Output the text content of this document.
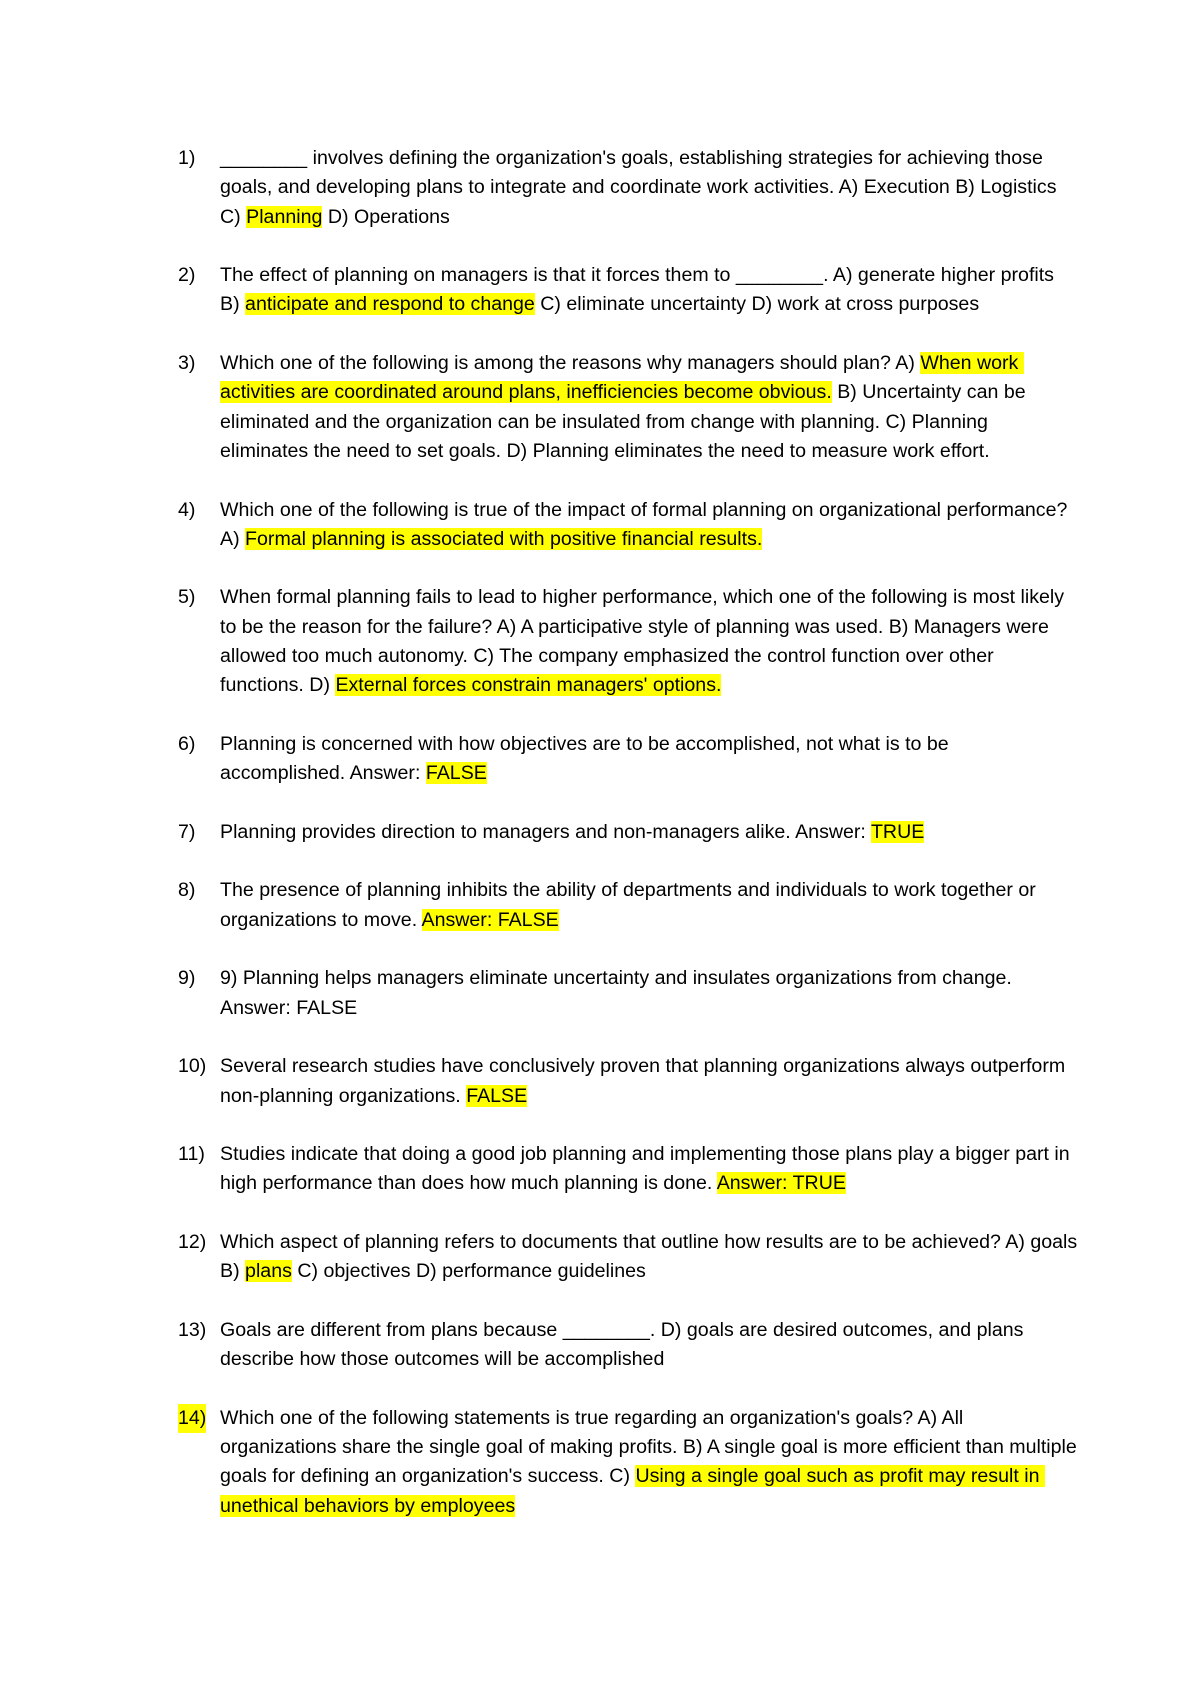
1) ________ involves defining the organization's goals, establishing strategies for achieving those goals, and developing plans to integrate and coordinate work activities. A) Execution B) Logistics C) Planning D) Operations
2) The effect of planning on managers is that it forces them to ________. A) generate higher profits B) anticipate and respond to change C) eliminate uncertainty D) work at cross purposes
3) Which one of the following is among the reasons why managers should plan? A) When work activities are coordinated around plans, inefficiencies become obvious. B) Uncertainty can be eliminated and the organization can be insulated from change with planning. C) Planning eliminates the need to set goals. D) Planning eliminates the need to measure work effort.
4) Which one of the following is true of the impact of formal planning on organizational performance? A) Formal planning is associated with positive financial results.
5) When formal planning fails to lead to higher performance, which one of the following is most likely to be the reason for the failure? A) A participative style of planning was used. B) Managers were allowed too much autonomy. C) The company emphasized the control function over other functions. D) External forces constrain managers' options.
6) Planning is concerned with how objectives are to be accomplished, not what is to be accomplished. Answer: FALSE
7) Planning provides direction to managers and non-managers alike. Answer: TRUE
8) The presence of planning inhibits the ability of departments and individuals to work together or organizations to move. Answer: FALSE
9) 9) Planning helps managers eliminate uncertainty and insulates organizations from change. Answer: FALSE
10) Several research studies have conclusively proven that planning organizations always outperform non-planning organizations. FALSE
11) Studies indicate that doing a good job planning and implementing those plans play a bigger part in high performance than does how much planning is done. Answer: TRUE
12) Which aspect of planning refers to documents that outline how results are to be achieved? A) goals B) plans C) objectives D) performance guidelines
13) Goals are different from plans because ________. D) goals are desired outcomes, and plans describe how those outcomes will be accomplished
14) Which one of the following statements is true regarding an organization's goals? A) All organizations share the single goal of making profits. B) A single goal is more efficient than multiple goals for defining an organization's success. C) Using a single goal such as profit may result in unethical behaviors by employees
